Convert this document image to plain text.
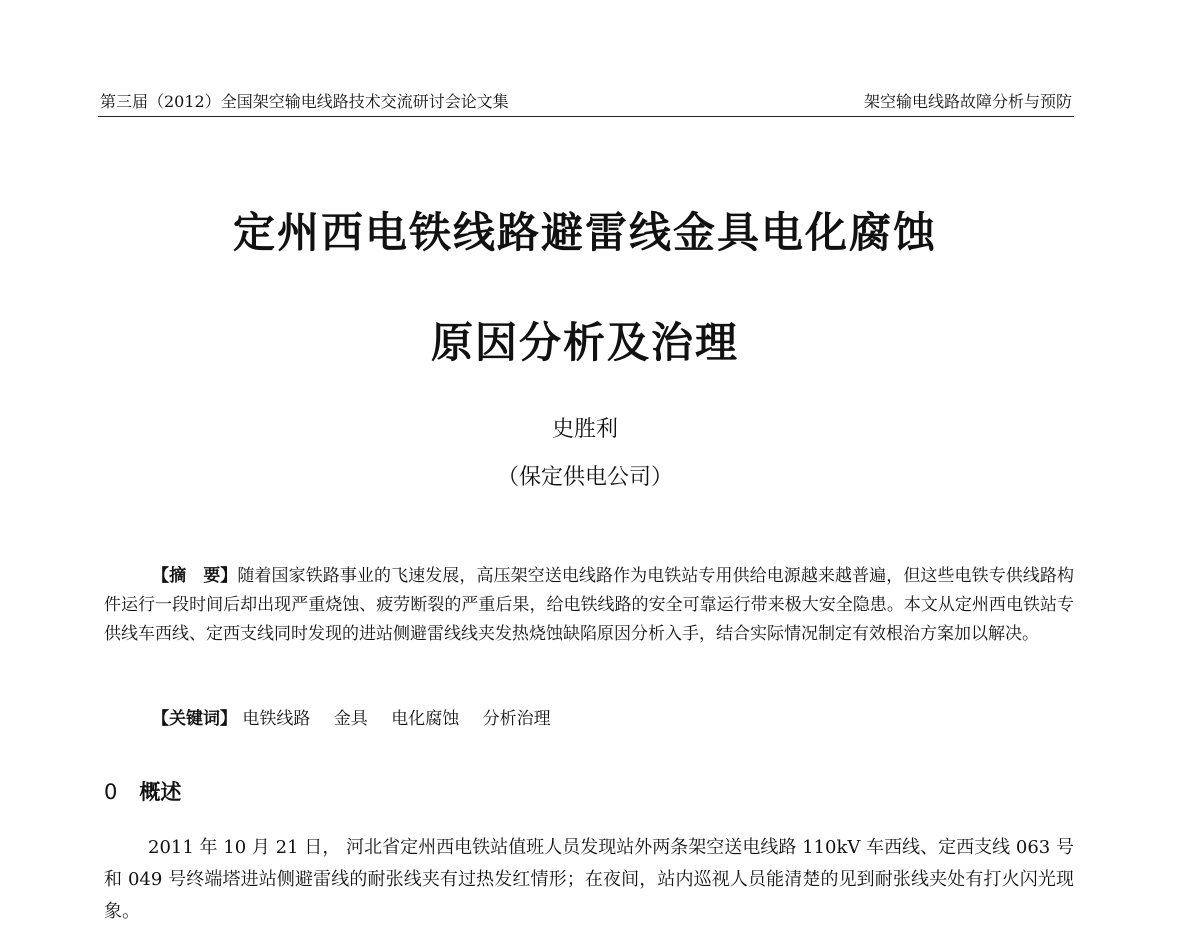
第三届（2012）全国架空输电线路技术交流研讨会论文集	架空输电线路故障分析与预防
定州西电铁线路避雷线金具电化腐蚀
原因分析及治理
史胜利
（保定供电公司）
【摘　要】随着国家铁路事业的飞速发展，高压架空送电线路作为电铁站专用供给电源越来越普遍，但这些电铁专供线路构件运行一段时间后却出现严重烧蚀、疲劳断裂的严重后果，给电铁线路的安全可靠运行带来极大安全隐患。本文从定州西电铁站专供线车西线、定西支线同时发现的进站侧避雷线线夹发热烧蚀缺陷原因分析入手，结合实际情况制定有效根治方案加以解决。
【关键词】 电铁线路 金具 电化腐蚀 分析治理
0 概述
2011 年 10 月 21 日， 河北省定州西电铁站值班人员发现站外两条架空送电线路 110kV 车西线、定西支线 063 号和 049 号终端塔进站侧避雷线的耐张线夹有过热发红情形；在夜间，站内巡视人员能清楚的见到耐张线夹处有打火闪光现象。
